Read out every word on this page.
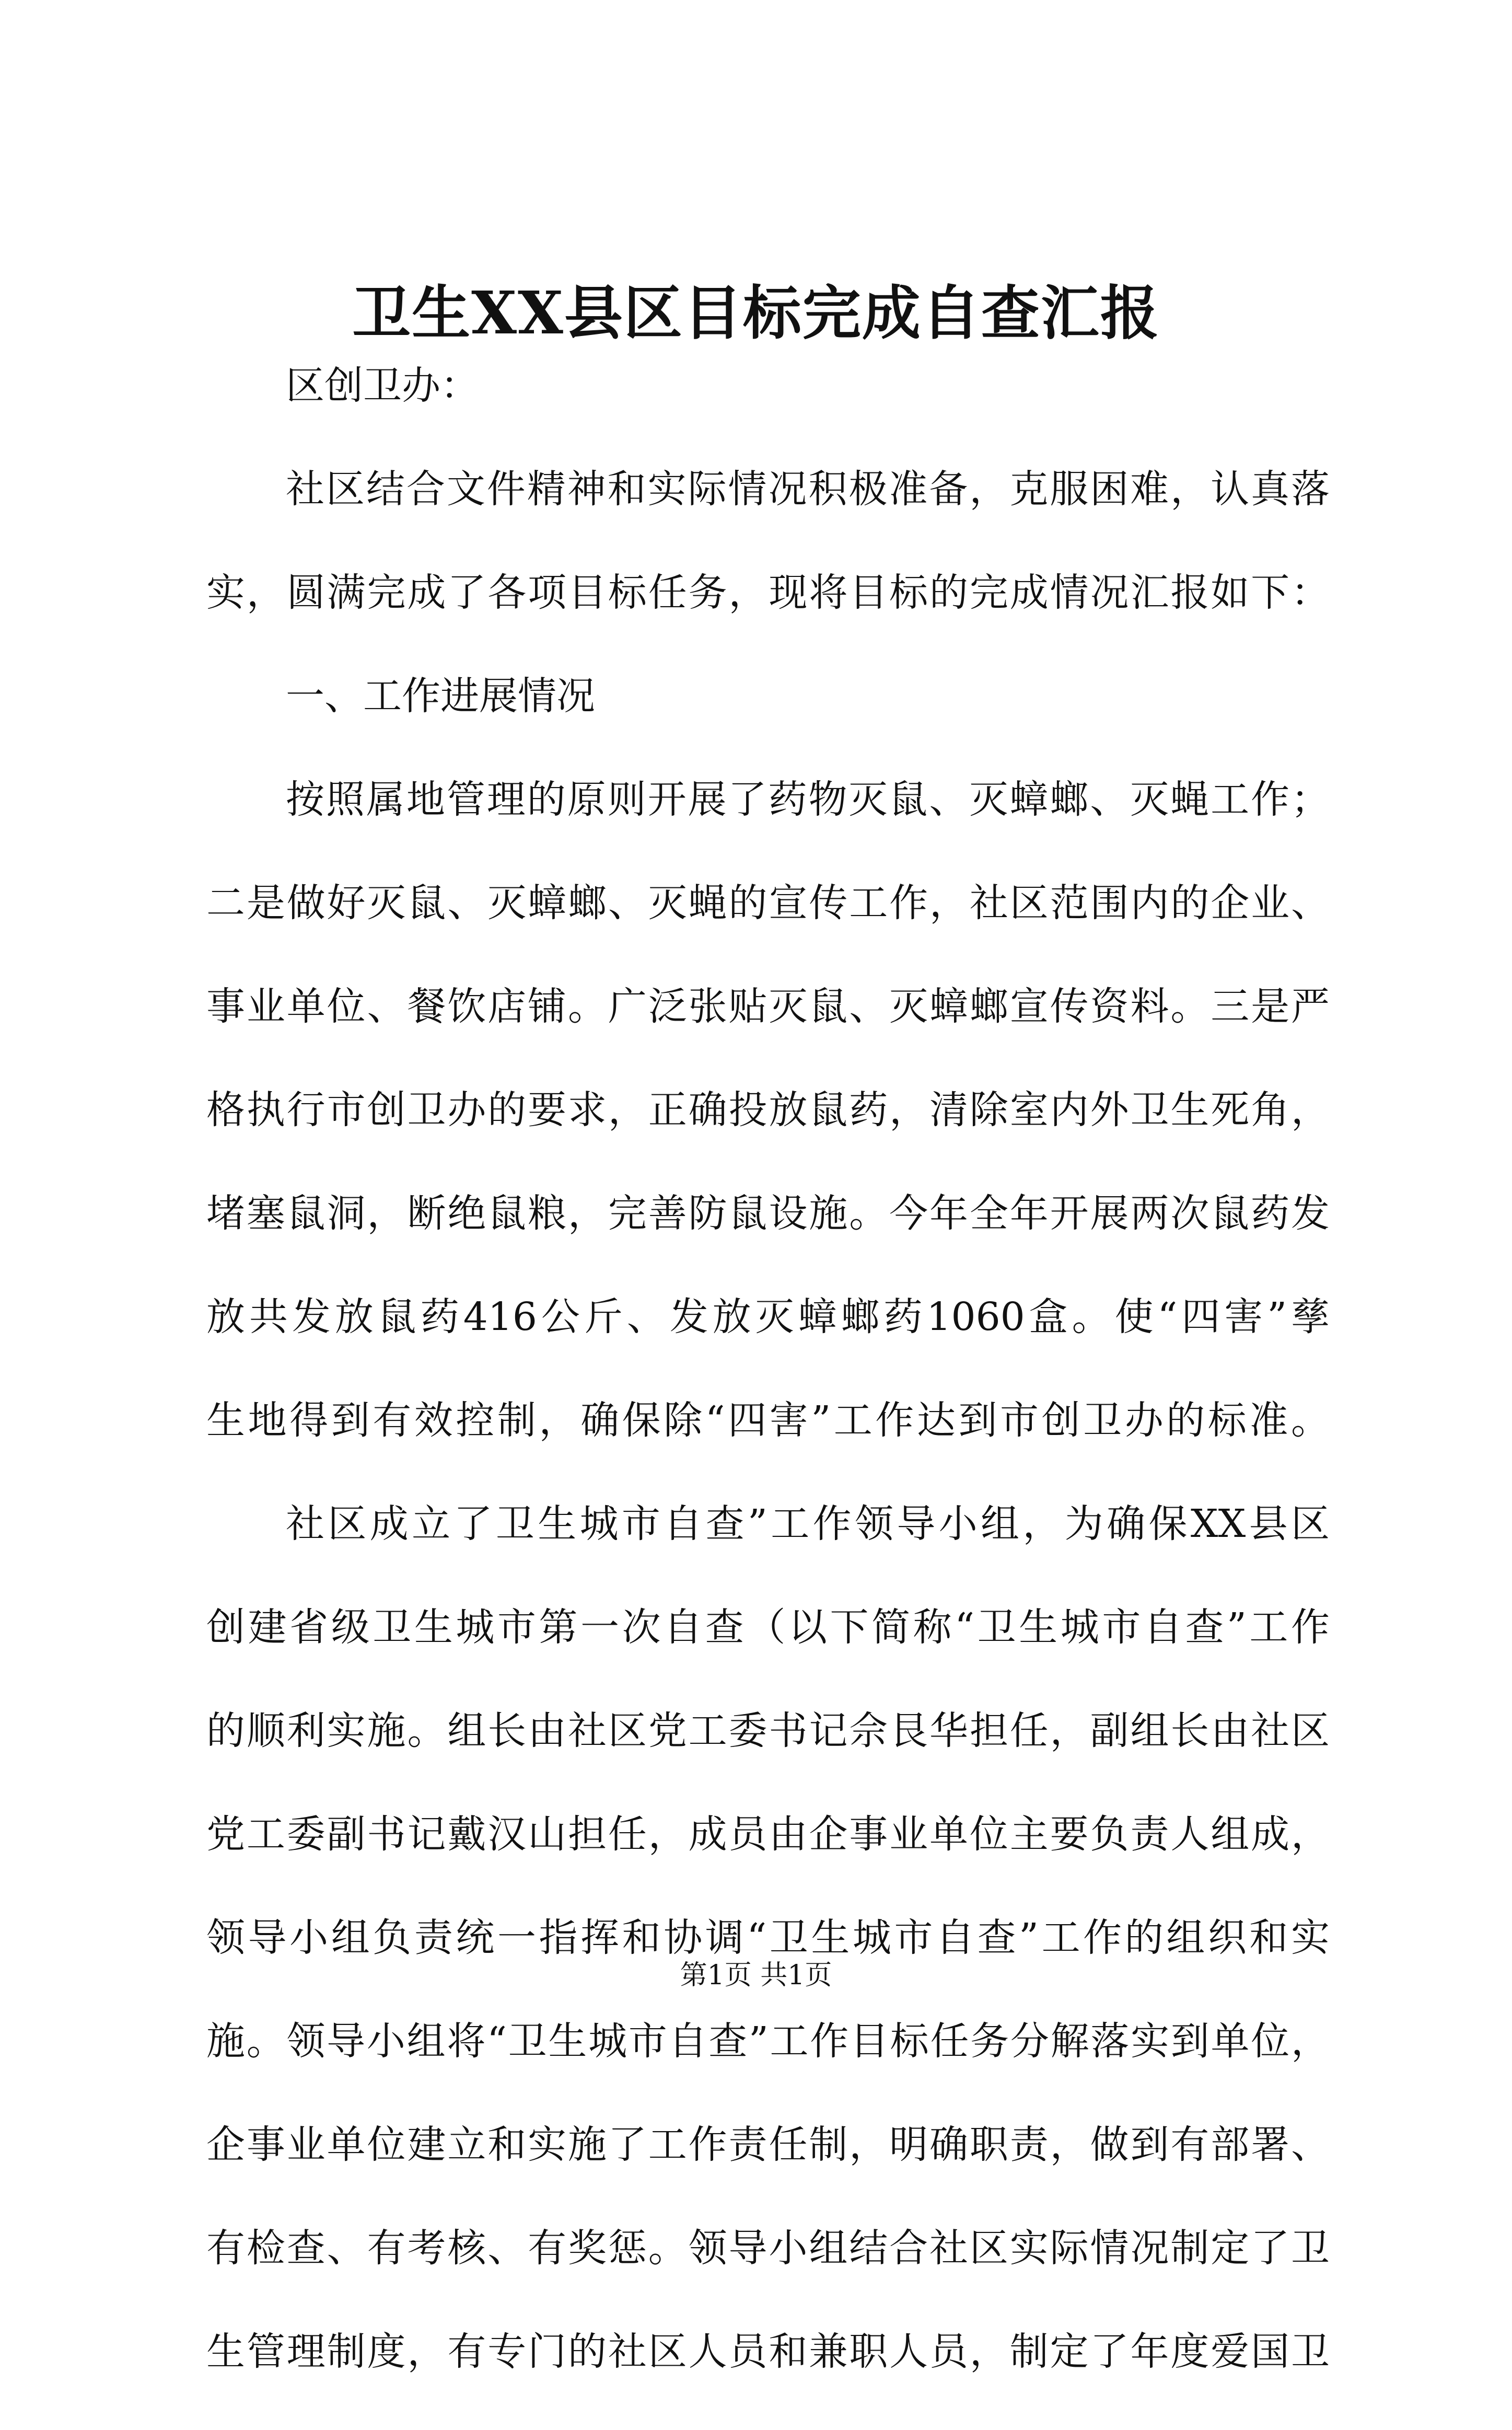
卫生XX县区目标完成自查汇报
区创卫办：
社区结合文件精神和实际情况积极准备，克服困难，认真落
实，圆满完成了各项目标任务，现将目标的完成情况汇报如下：
一、工作进展情况
按照属地管理的原则开展了药物灭鼠、灭蟑螂、灭蝇工作；
二是做好灭鼠、灭蟑螂、灭蝇的宣传工作，社区范围内的企业、
事业单位、餐饮店铺。广泛张贴灭鼠、灭蟑螂宣传资料。三是严
格执行市创卫办的要求，正确投放鼠药，清除室内外卫生死角，
堵塞鼠洞，断绝鼠粮，完善防鼠设施。今年全年开展两次鼠药发
放共发放鼠药416公斤、发放灭蟑螂药1060盒。使“四害”孳
生地得到有效控制，确保除“四害”工作达到市创卫办的标准。
社区成立了卫生城市自查”工作领导小组，为确保XX县区
创建省级卫生城市第一次自查（以下简称“卫生城市自查”工作
的顺利实施。组长由社区党工委书记佘艮华担任，副组长由社区
党工委副书记戴汉山担任，成员由企事业单位主要负责人组成，
领导小组负责统一指挥和协调“卫生城市自查”工作的组织和实
施。领导小组将“卫生城市自查”工作目标任务分解落实到单位，
企事业单位建立和实施了工作责任制，明确职责，做到有部署、
有检查、有考核、有奖惩。领导小组结合社区实际情况制定了卫
生管理制度，有专门的社区人员和兼职人员，制定了年度爱国卫
第1页 共1页
